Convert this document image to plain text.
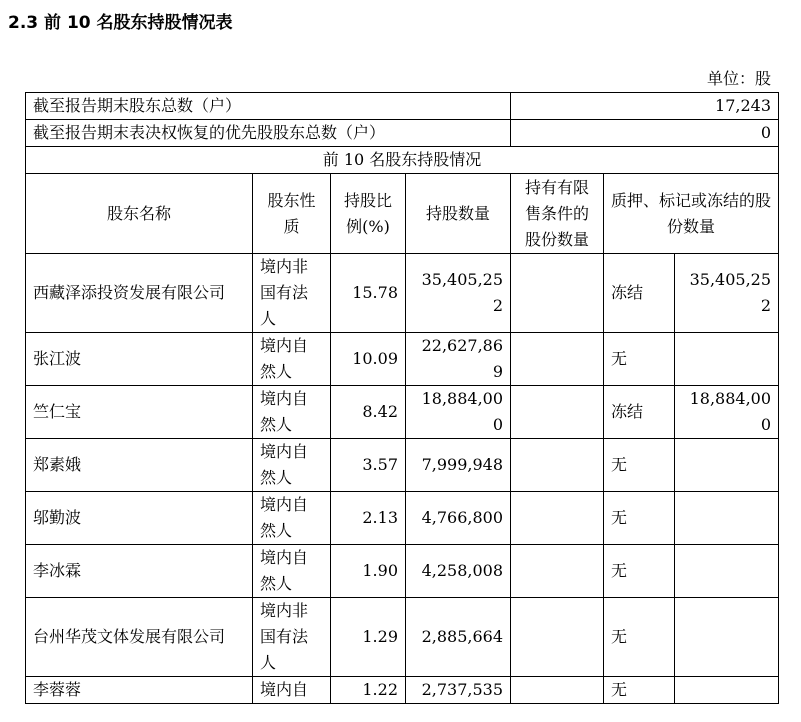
2.3 前 10 名股东持股情况表
单位：股
截至报告期末股东总数（户）				17,243		
截至报告期末表决权恢复的优先股股东总数（户）				0		
前 10 名股东持股情况						
股东名称	股东性质	持股比例(%)	持股数量	持有有限售条件的股份数量	质押、标记或冻结的股份数量	
西藏泽添投资发展有限公司	境内非国有法人	15.78	35,405,252		冻结	35,405,252
张江波	境内自然人	10.09	22,627,869		无	
竺仁宝	境内自然人	8.42	18,884,000		冻结	18,884,000
郑素娥	境内自然人	3.57	7,999,948		无	
邬勤波	境内自然人	2.13	4,766,800		无	
李冰霖	境内自然人	1.90	4,258,008		无	
台州华茂文体发展有限公司	境内非国有法人	1.29	2,885,664		无	
李蓉蓉	境内自	1.22	2,737,535		无	
